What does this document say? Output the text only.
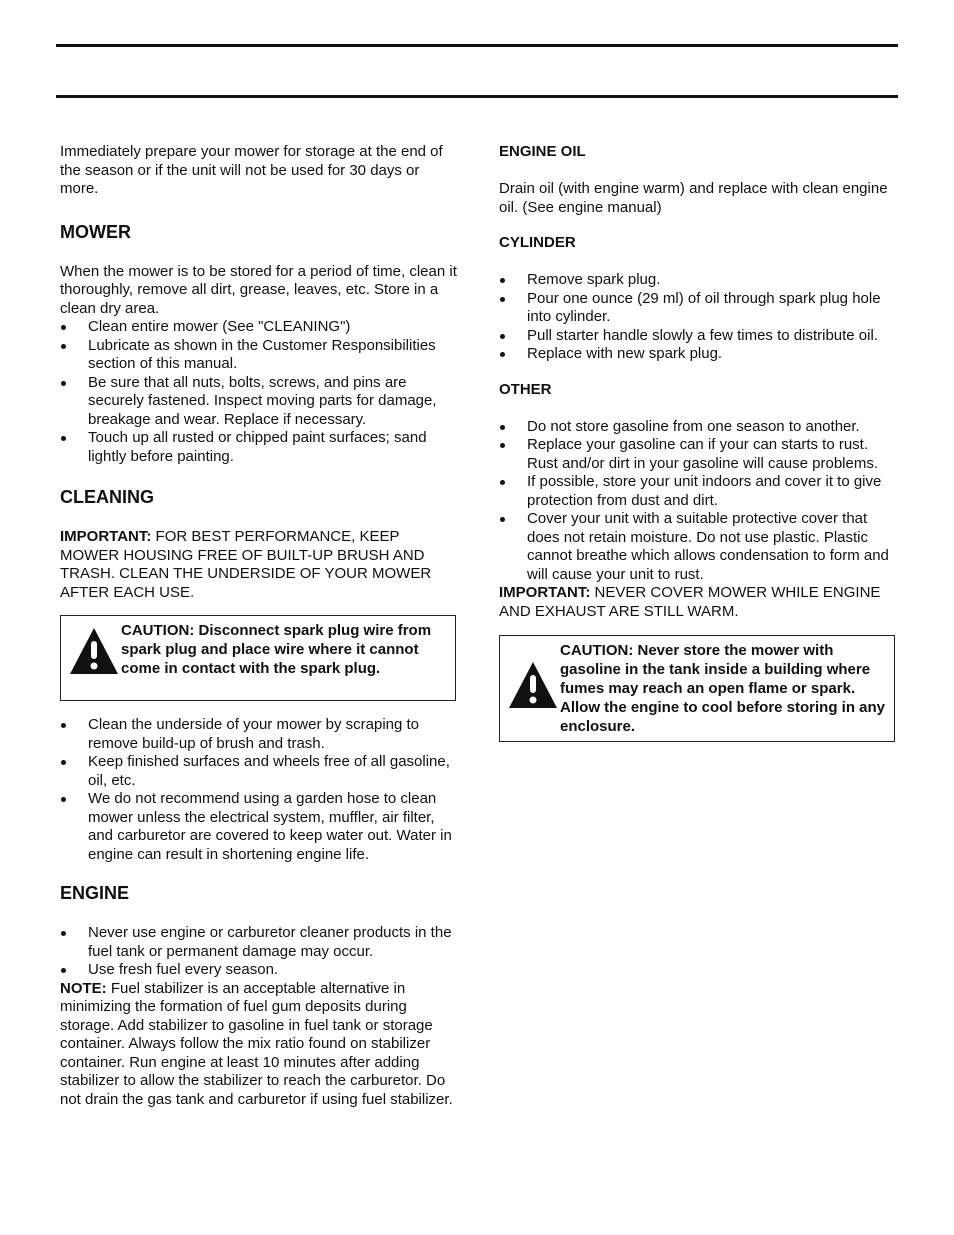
Immediately prepare your mower for storage at the end of the season or if the unit will not be used for 30 days or more.

MOWER

When the mower is to be stored for a period of time, clean it thoroughly, remove all dirt, grease, leaves, etc. Store in a clean dry area.

Clean entire mower (See "CLEANING")
Lubricate as shown in the Customer Responsibilities section of this manual.
Be sure that all nuts, bolts, screws, and pins are securely fastened. Inspect moving parts for damage, breakage and wear. Replace if necessary.
Touch up all rusted or chipped paint surfaces; sand lightly before painting.
CLEANING

IMPORTANT: FOR BEST PERFORMANCE, KEEP MOWER HOUSING FREE OF BUILT-UP BRUSH AND TRASH. CLEAN THE UNDERSIDE OF YOUR MOWER AFTER EACH USE.

CAUTION: Disconnect spark plug wire from spark plug and place wire where it cannot come in contact with the spark plug.
Clean the underside of your mower by scraping to remove build-up of brush and trash.
Keep finished surfaces and wheels free of all gasoline, oil, etc.
We do not recommend using a garden hose to clean mower unless the electrical system, muffler, air filter, and carburetor are covered to keep water out. Water in engine can result in shortening engine life.
ENGINE
Never use engine or carburetor cleaner products in the fuel tank or permanent damage may occur.
Use fresh fuel every season.

NOTE: Fuel stabilizer is an acceptable alternative in minimizing the formation of fuel gum deposits during storage. Add stabilizer to gasoline in fuel tank or storage container. Always follow the mix ratio found on stabilizer container. Run engine at least 10 minutes after adding stabilizer to allow the stabilizer to reach the carburetor. Do not drain the gas tank and carburetor if using fuel stabilizer.

ENGINE OIL

Drain oil (with engine warm) and replace with clean engine oil. (See engine manual)

CYLINDER
Remove spark plug.
Pour one ounce (29 ml) of oil through spark plug hole into cylinder.
Pull starter handle slowly a few times to distribute oil.
Replace with new spark plug.
OTHER
Do not store gasoline from one season to another.
Replace your gasoline can if your can starts to rust. Rust and/or dirt in your gasoline will cause problems.
If possible, store your unit indoors and cover it to give protection from dust and dirt.
Cover your unit with a suitable protective cover that does not retain moisture. Do not use plastic. Plastic cannot breathe which allows condensation to form and will cause your unit to rust.

IMPORTANT: NEVER COVER MOWER WHILE ENGINE AND EXHAUST ARE STILL WARM.

CAUTION: Never store the mower with gasoline in the tank inside a building where fumes may reach an open flame or spark. Allow the engine to cool before storing in any enclosure.
